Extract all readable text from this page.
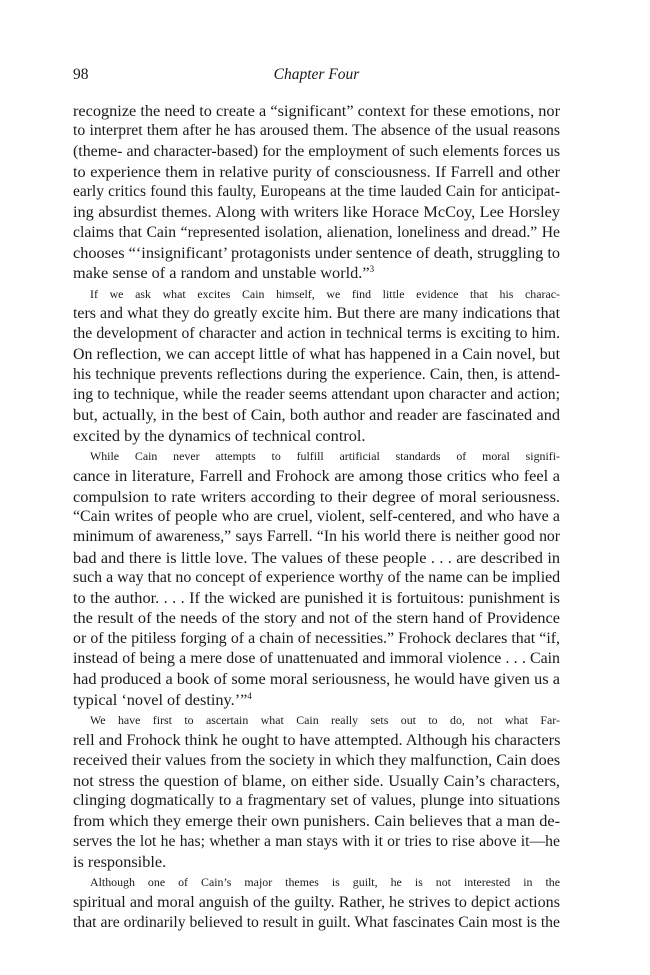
98	Chapter Four
recognize the need to create a “significant” context for these emotions, nor
to interpret them after he has aroused them. The absence of the usual reasons
(theme- and character-based) for the employment of such elements forces us
to experience them in relative purity of consciousness. If Farrell and other
early critics found this faulty, Europeans at the time lauded Cain for anticipat-
ing absurdist themes. Along with writers like Horace McCoy, Lee Horsley
claims that Cain “represented isolation, alienation, loneliness and dread.” He
chooses “‘insignificant’ protagonists under sentence of death, struggling to
make sense of a random and unstable world.”$^3$
If we ask what excites Cain himself, we find little evidence that his charac-
ters and what they do greatly excite him. But there are many indications that
the development of character and action in technical terms is exciting to him.
On reflection, we can accept little of what has happened in a Cain novel, but
his technique prevents reflections during the experience. Cain, then, is attend-
ing to technique, while the reader seems attendant upon character and action;
but, actually, in the best of Cain, both author and reader are fascinated and
excited by the dynamics of technical control.
While Cain never attempts to fulfill artificial standards of moral signifi-
cance in literature, Farrell and Frohock are among those critics who feel a
compulsion to rate writers according to their degree of moral seriousness.
“Cain writes of people who are cruel, violent, self-centered, and who have a
minimum of awareness,” says Farrell. “In his world there is neither good nor
bad and there is little love. The values of these people . . . are described in
such a way that no concept of experience worthy of the name can be implied
to the author. . . . If the wicked are punished it is fortuitous: punishment is
the result of the needs of the story and not of the stern hand of Providence
or of the pitiless forging of a chain of necessities.” Frohock declares that “if,
instead of being a mere dose of unattenuated and immoral violence . . . Cain
had produced a book of some moral seriousness, he would have given us a
typical ‘novel of destiny.’”$^4$
We have first to ascertain what Cain really sets out to do, not what Far-
rell and Frohock think he ought to have attempted. Although his characters
received their values from the society in which they malfunction, Cain does
not stress the question of blame, on either side. Usually Cain’s characters,
clinging dogmatically to a fragmentary set of values, plunge into situations
from which they emerge their own punishers. Cain believes that a man de-
serves the lot he has; whether a man stays with it or tries to rise above it—he
is responsible.
Although one of Cain’s major themes is guilt, he is not interested in the
spiritual and moral anguish of the guilty. Rather, he strives to depict actions
that are ordinarily believed to result in guilt. What fascinates Cain most is the
